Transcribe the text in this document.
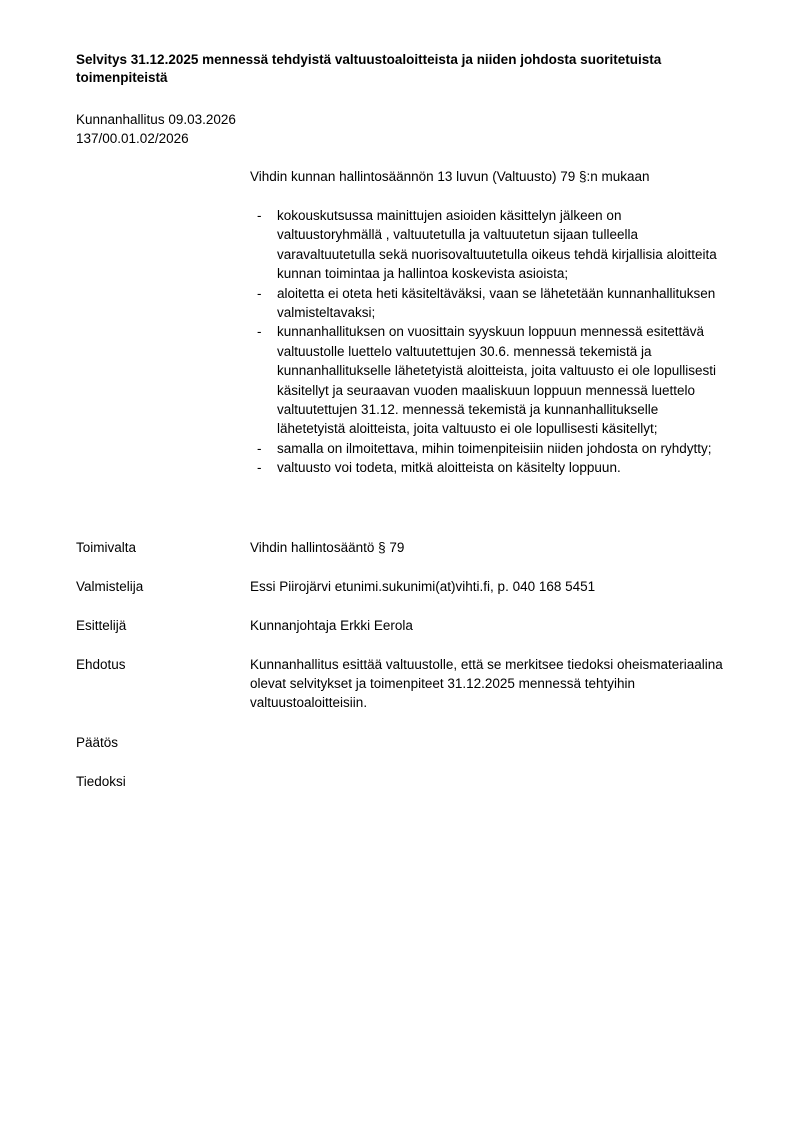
Selvitys 31.12.2025 mennessä tehdyistä valtuustoaloitteista ja niiden johdosta suoritetuista toimenpiteistä
Kunnanhallitus 09.03.2026
137/00.01.02/2026
Vihdin kunnan hallintosäännön 13 luvun (Valtuusto) 79 §:n mukaan
- kokouskutsussa mainittujen asioiden käsittelyn jälkeen on valtuustoryhmällä , valtuutetulla ja valtuutetun sijaan tulleella varavaltuutetulla sekä nuorisovaltuutetulla oikeus tehdä kirjallisia aloitteita kunnan toimintaa ja hallintoa koskevista asioista;
- aloitetta ei oteta heti käsiteltäväksi, vaan se lähetetään kunnanhallituksen valmisteltavaksi;
- kunnanhallituksen on vuosittain syyskuun loppuun mennessä esitettävä valtuustolle luettelo valtuutettujen 30.6. mennessä tekemistä ja kunnanhallitukselle lähetetyistä aloitteista, joita valtuusto ei ole lopullisesti käsitellyt ja seuraavan vuoden maaliskuun loppuun mennessä luettelo valtuutettujen 31.12. mennessä tekemistä ja kunnanhallitukselle lähetetyistä aloitteista, joita valtuusto ei ole lopullisesti käsitellyt;
- samalla on ilmoitettava, mihin toimenpiteisiin niiden johdosta on ryhdytty;
- valtuusto voi todeta, mitkä aloitteista on käsitelty loppuun.
Toimivalta	Vihdin hallintosääntö § 79
Valmistelija	Essi Piirojärvi etunimi.sukunimi(at)vihti.fi, p. 040 168 5451
Esittelijä	Kunnanjohtaja Erkki Eerola
Ehdotus	Kunnanhallitus esittää valtuustolle, että se merkitsee tiedoksi oheismateriaalina olevat selvitykset ja toimenpiteet 31.12.2025 mennessä tehtyihin valtuustoaloitteisiin.
Päätös
Tiedoksi
